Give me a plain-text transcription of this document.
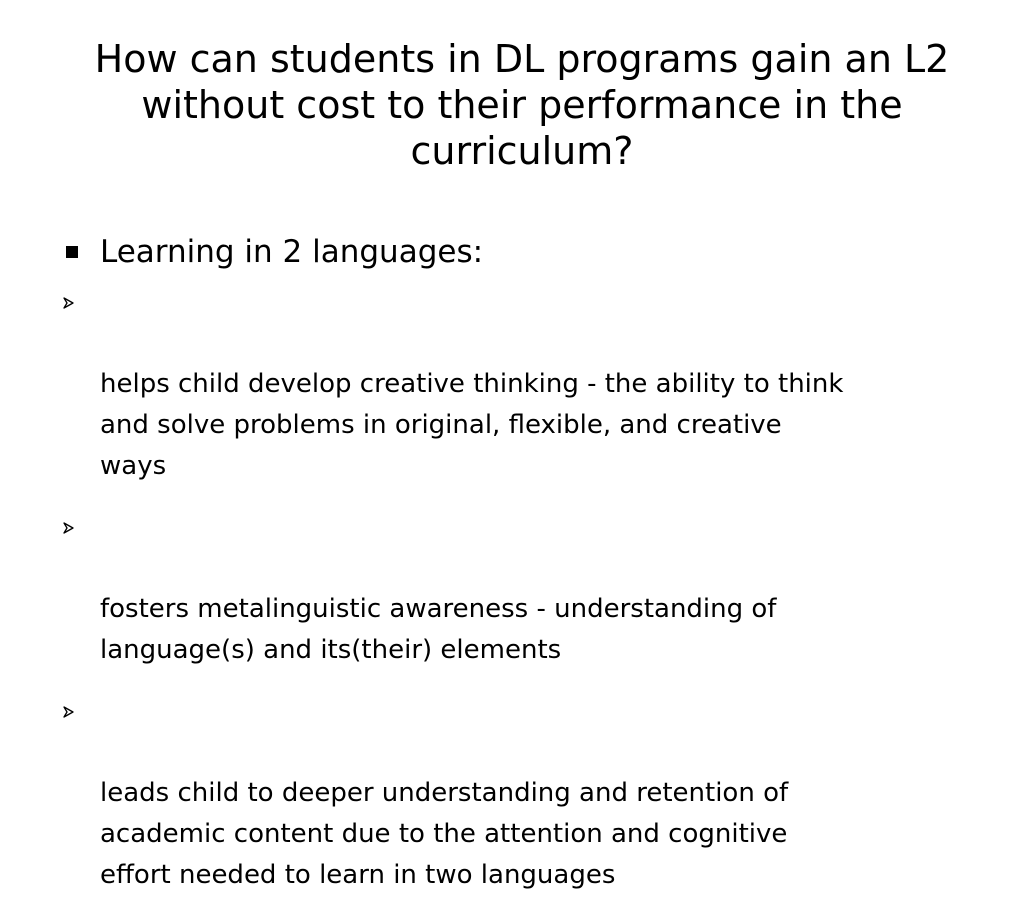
How can students in DL programs gain an L2
without cost to their performance in the
curriculum?
Learning in 2 languages:

helps child develop creative thinking - the ability to think
and solve problems in original, flexible, and creative
ways

fosters metalinguistic awareness - understanding of
language(s) and its(their) elements

leads child to deeper understanding and retention of
academic content due to the attention and cognitive
effort needed to learn in two languages
